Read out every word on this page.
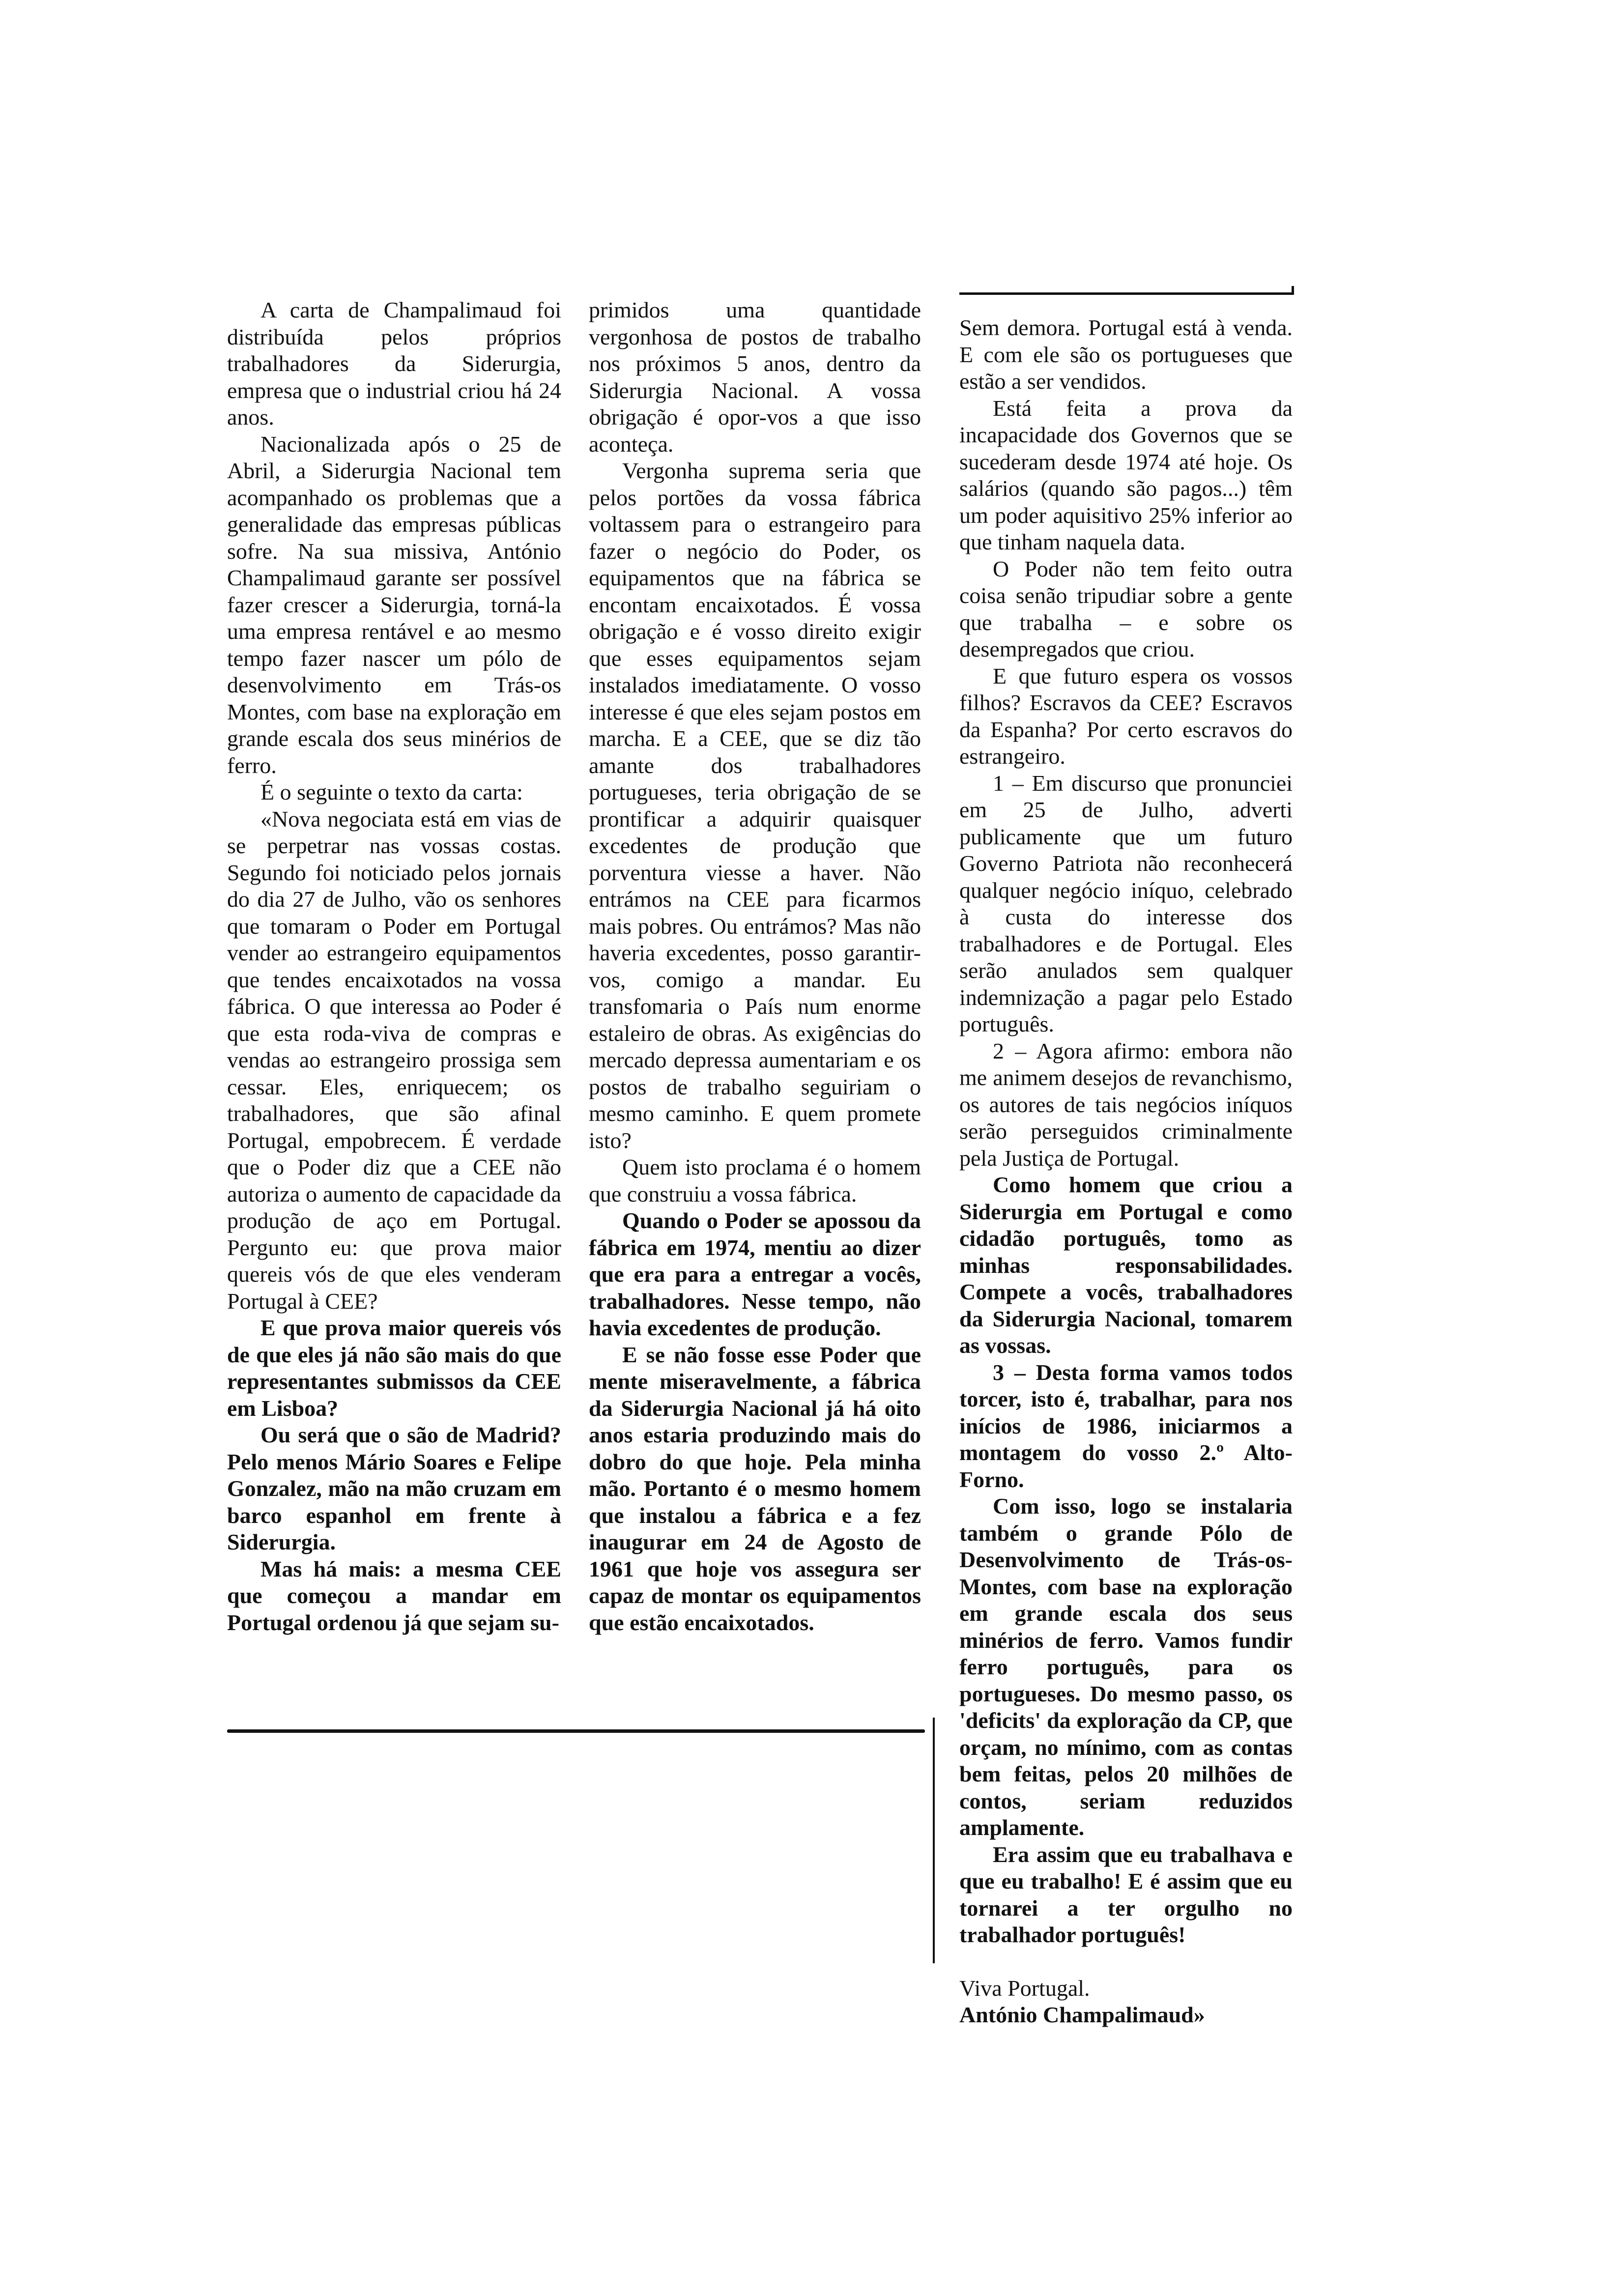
A carta de Champalimaud foi distribuída pelos próprios trabalhadores da Siderurgia, empresa que o industrial criou há 24 anos.

Nacionalizada após o 25 de Abril, a Siderurgia Nacional tem acompanhado os problemas que a generalidade das empresas públicas sofre. Na sua missiva, António Champalimaud garante ser possível fazer crescer a Siderurgia, torná-la uma empresa rentável e ao mesmo tempo fazer nascer um pólo de desenvolvimento em Trás-os Montes, com base na exploração em grande escala dos seus minérios de ferro.

É o seguinte o texto da carta:

«Nova negociata está em vias de se perpetrar nas vossas costas. Segundo foi noticiado pelos jornais do dia 27 de Julho, vão os senhores que tomaram o Poder em Portugal vender ao estrangeiro equipamentos que tendes encaixotados na vossa fábrica. O que interessa ao Poder é que esta roda-viva de compras e vendas ao estrangeiro prossiga sem cessar. Eles, enriquecem; os trabalhadores, que são afinal Portugal, empobrecem. É verdade que o Poder diz que a CEE não autoriza o aumento de capacidade da produção de aço em Portugal. Pergunto eu: que prova maior quereis vós de que eles venderam Portugal à CEE?

E que prova maior quereis vós de que eles já não são mais do que representantes submissos da CEE em Lisboa?

Ou será que o são de Madrid? Pelo menos Mário Soares e Felipe Gonzalez, mão na mão cruzam em barco espanhol em frente à Siderurgia.

Mas há mais: a mesma CEE que começou a mandar em Portugal ordenou já que sejam su-

primidos uma quantidade vergonhosa de postos de trabalho nos próximos 5 anos, dentro da Siderurgia Nacional. A vossa obrigação é opor-vos a que isso aconteça.

Vergonha suprema seria que pelos portões da vossa fábrica voltassem para o estrangeiro para fazer o negócio do Poder, os equipamentos que na fábrica se encontam encaixotados. É vossa obrigação e é vosso direito exigir que esses equipamentos sejam instalados imediatamente. O vosso interesse é que eles sejam postos em marcha. E a CEE, que se diz tão amante dos trabalhadores portugueses, teria obrigação de se prontificar a adquirir quaisquer excedentes de produção que porventura viesse a haver. Não entrámos na CEE para ficarmos mais pobres. Ou entrámos? Mas não haveria excedentes, posso garantir-vos, comigo a mandar. Eu transfomaria o País num enorme estaleiro de obras. As exigências do mercado depressa aumentariam e os postos de trabalho seguiriam o mesmo caminho. E quem promete isto?

Quem isto proclama é o homem que construiu a vossa fábrica.

Quando o Poder se apossou da fábrica em 1974, mentiu ao dizer que era para a entregar a vocês, trabalhadores. Nesse tempo, não havia excedentes de produção.

E se não fosse esse Poder que mente miseravelmente, a fábrica da Siderurgia Nacional já há oito anos estaria produzindo mais do dobro do que hoje. Pela minha mão. Portanto é o mesmo homem que instalou a fábrica e a fez inaugurar em 24 de Agosto de 1961 que hoje vos assegura ser capaz de montar os equipamentos que estão encaixotados.

Sem demora. Portugal está à venda. E com ele são os portugueses que estão a ser vendidos.

Está feita a prova da incapacidade dos Governos que se sucederam desde 1974 até hoje. Os salários (quando são pagos...) têm um poder aquisitivo 25% inferior ao que tinham naquela data.

O Poder não tem feito outra coisa senão tripudiar sobre a gente que trabalha – e sobre os desempregados que criou.

E que futuro espera os vossos filhos? Escravos da CEE? Escravos da Espanha? Por certo escravos do estrangeiro.

1 – Em discurso que pronunciei em 25 de Julho, adverti publicamente que um futuro Governo Patriota não reconhecerá qualquer negócio iníquo, celebrado à custa do interesse dos trabalhadores e de Portugal. Eles serão anulados sem qualquer indemnização a pagar pelo Estado português.

2 – Agora afirmo: embora não me animem desejos de revanchismo, os autores de tais negócios iníquos serão perseguidos criminalmente pela Justiça de Portugal.

Como homem que criou a Siderurgia em Portugal e como cidadão português, tomo as minhas responsabilidades. Compete a vocês, trabalhadores da Siderurgia Nacional, tomarem as vossas.

3 – Desta forma vamos todos torcer, isto é, trabalhar, para nos inícios de 1986, iniciarmos a montagem do vosso 2.º Alto-Forno.

Com isso, logo se instalaria também o grande Pólo de Desenvolvimento de Trás-os-Montes, com base na exploração em grande escala dos seus minérios de ferro. Vamos fundir ferro português, para os portugueses. Do mesmo passo, os 'deficits' da exploração da CP, que orçam, no mínimo, com as contas bem feitas, pelos 20 milhões de contos, seriam reduzidos amplamente.

Era assim que eu trabalhava e que eu trabalho! E é assim que eu tornarei a ter orgulho no trabalhador português!

Viva Portugal.

António Champalimaud»
